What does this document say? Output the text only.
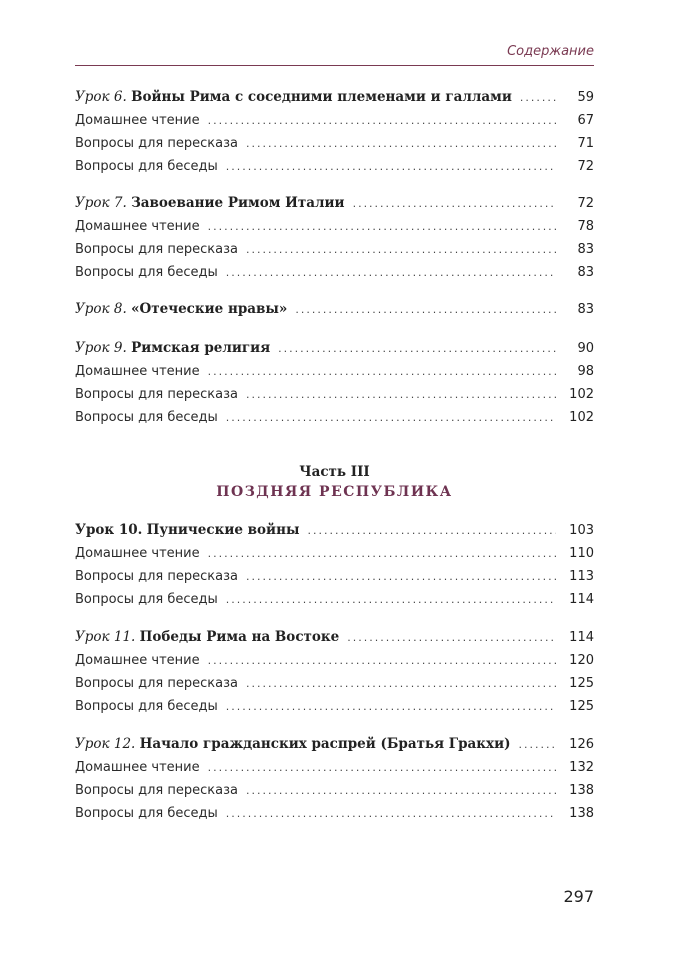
Содержание
Урок 6. Войны Рима с соседними племенами и галлами . . .	59
Домашнее чтение . . .	67
Вопросы для пересказа . . .	71
Вопросы для беседы . . .	72
Урок 7. Завоевание Римом Италии . . .	72
Домашнее чтение . . .	78
Вопросы для пересказа . . .	83
Вопросы для беседы . . .	83
Урок 8. «Отеческие нравы» . . .	83
Урок 9. Римская религия . . .	90
Домашнее чтение . . .	98
Вопросы для пересказа . . .	102
Вопросы для беседы . . .	102
Часть III
ПОЗДНЯЯ РЕСПУБЛИКА
Урок 10. Пунические войны . . .	103
Домашнее чтение . . .	110
Вопросы для пересказа . . .	113
Вопросы для беседы . . .	114
Урок 11. Победы Рима на Востоке . . .	114
Домашнее чтение . . .	120
Вопросы для пересказа . . .	125
Вопросы для беседы . . .	125
Урок 12. Начало гражданских распрей (Братья Гракхи) . . .	126
Домашнее чтение . . .	132
Вопросы для пересказа . . .	138
Вопросы для беседы . . .	138
297
